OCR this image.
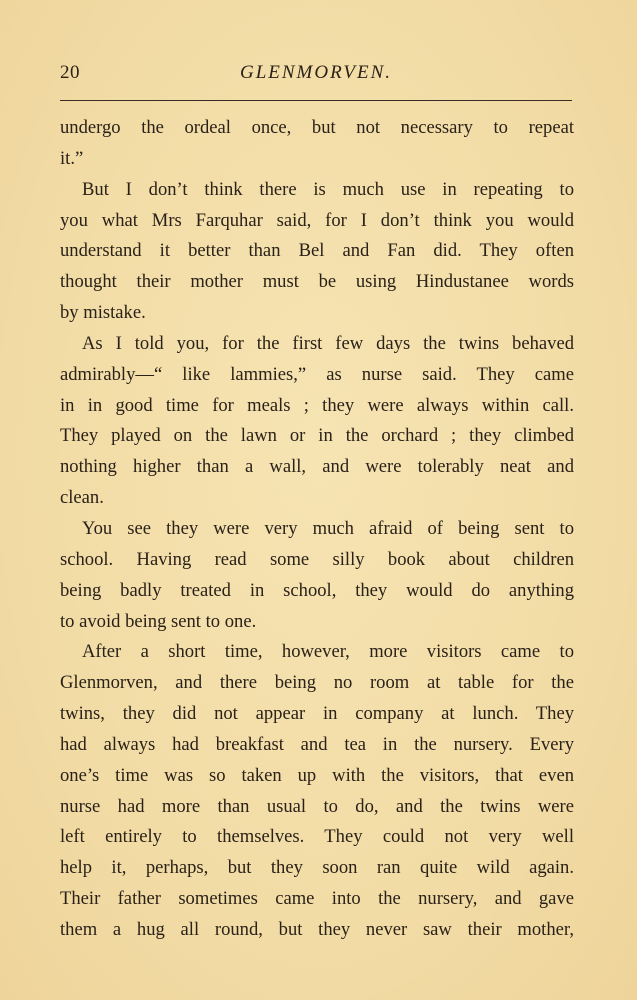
20	GLENMORVEN.
undergo the ordeal once, but not necessary to repeat
it.”
But I don’t think there is much use in repeating to
you what Mrs Farquhar said, for I don’t think you would
understand it better than Bel and Fan did. They often
thought their mother must be using Hindustanee words
by mistake.
As I told you, for the first few days the twins behaved
admirably—“ like lammies,” as nurse said. They came
in in good time for meals ; they were always within call.
They played on the lawn or in the orchard ; they climbed
nothing higher than a wall, and were tolerably neat and
clean.
You see they were very much afraid of being sent to
school. Having read some silly book about children
being badly treated in school, they would do anything
to avoid being sent to one.
After a short time, however, more visitors came to
Glenmorven, and there being no room at table for the
twins, they did not appear in company at lunch. They
had always had breakfast and tea in the nursery. Every
one’s time was so taken up with the visitors, that even
nurse had more than usual to do, and the twins were
left entirely to themselves. They could not very well
help it, perhaps, but they soon ran quite wild again.
Their father sometimes came into the nursery, and gave
them a hug all round, but they never saw their mother,
